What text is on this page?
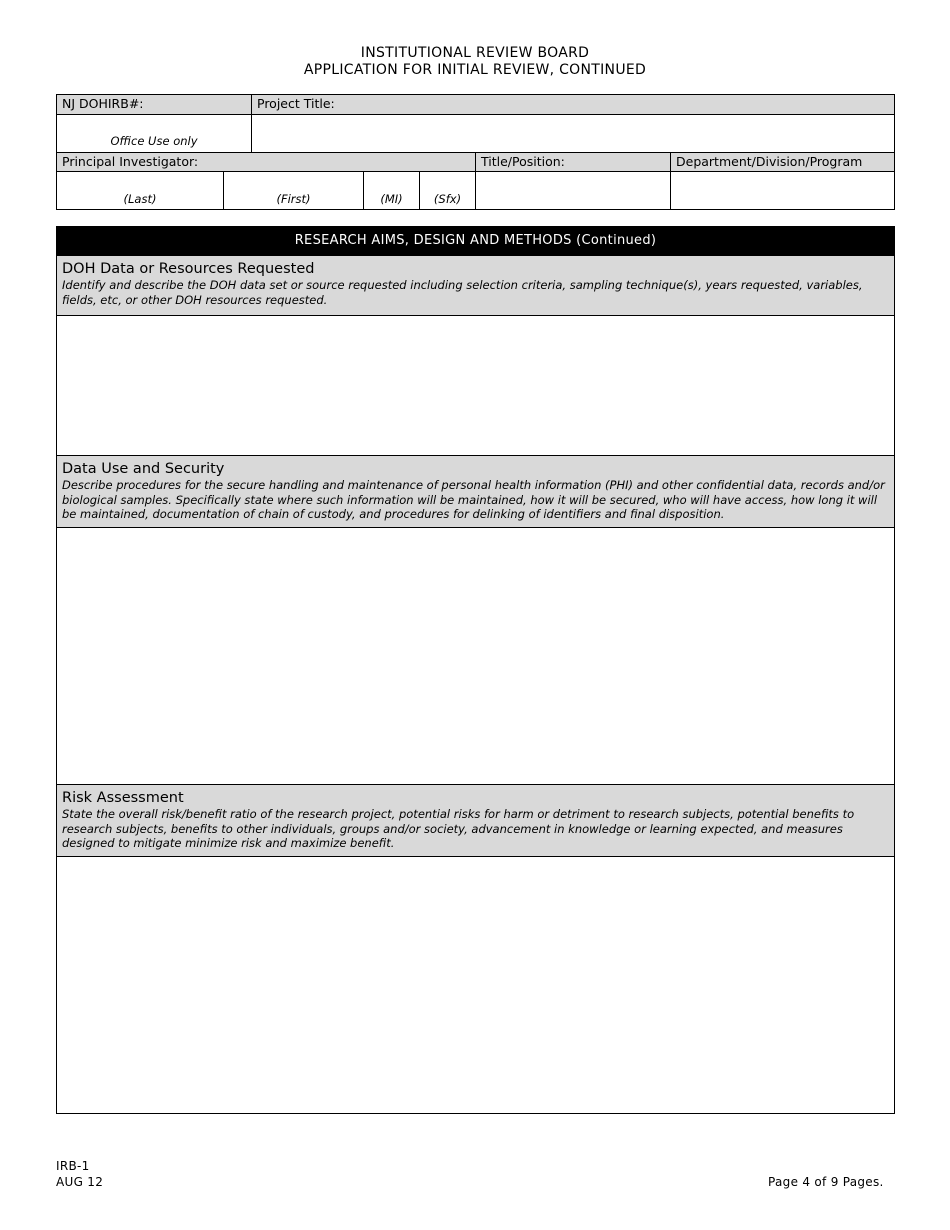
INSTITUTIONAL REVIEW BOARD
APPLICATION FOR INITIAL REVIEW, CONTINUED
NJ DOHIRB#:	Project Title:
Office Use only
Principal Investigator:	Title/Position:	Department/Division/Program
(Last)	(First)	(MI)	(Sfx)
RESEARCH AIMS, DESIGN AND METHODS (Continued)
DOH Data or Resources Requested
Identify and describe the DOH data set or source requested including selection criteria, sampling technique(s), years requested, variables, fields, etc, or other DOH resources requested.
Data Use and Security
Describe procedures for the secure handling and maintenance of personal health information (PHI) and other confidential data, records and/or biological samples. Specifically state where such information will be maintained, how it will be secured, who will have access, how long it will be maintained, documentation of chain of custody, and procedures for delinking of identifiers and final disposition.
Risk Assessment
State the overall risk/benefit ratio of the research project, potential risks for harm or detriment to research subjects, potential benefits to research subjects, benefits to other individuals, groups and/or society, advancement in knowledge or learning expected, and measures designed to mitigate minimize risk and maximize benefit.
IRB-1
AUG 12	Page 4 of 9 Pages.
